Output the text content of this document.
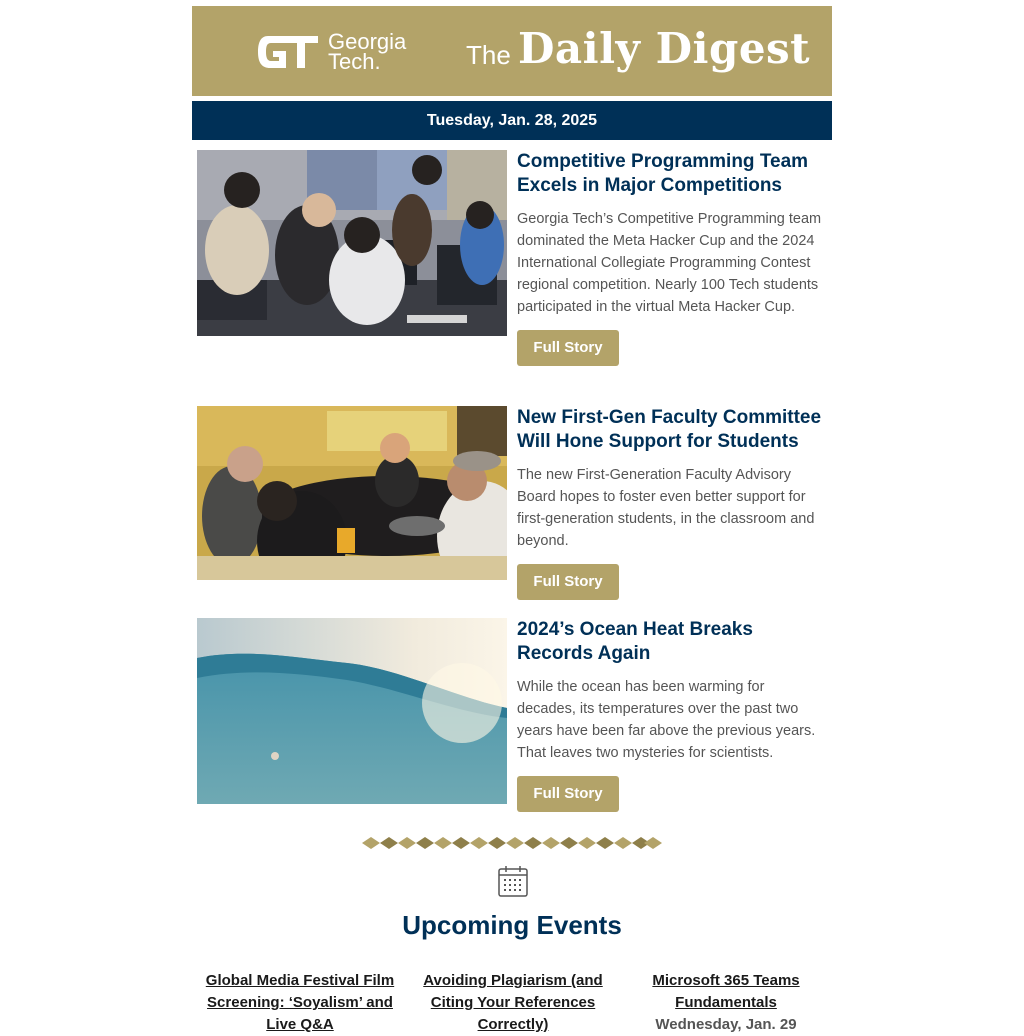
Georgia
Tech.	The Daily Digest
Tuesday, Jan. 28, 2025
Competitive Programming Team Excels in Major Competitions

Georgia Tech’s Competitive Programming team dominated the Meta Hacker Cup and the 2024 International Collegiate Programming Contest regional competition. Nearly 100 Tech students participated in the virtual Meta Hacker Cup.

Full Story
New First-Gen Faculty Committee Will Hone Support for Students

The new First-Generation Faculty Advisory Board hopes to foster even better support for first-generation students, in the classroom and beyond.

Full Story
2024’s Ocean Heat Breaks Records Again

While the ocean has been warming for decades, its temperatures over the past two years have been far above the previous years. That leaves two mysteries for scientists.

Full Story
Upcoming Events
Global Media Festival Film Screening: ‘Soyalism’ and Live Q&A
Avoiding Plagiarism (and Citing Your References Correctly)
Microsoft 365 Teams Fundamentals
Wednesday, Jan. 29
